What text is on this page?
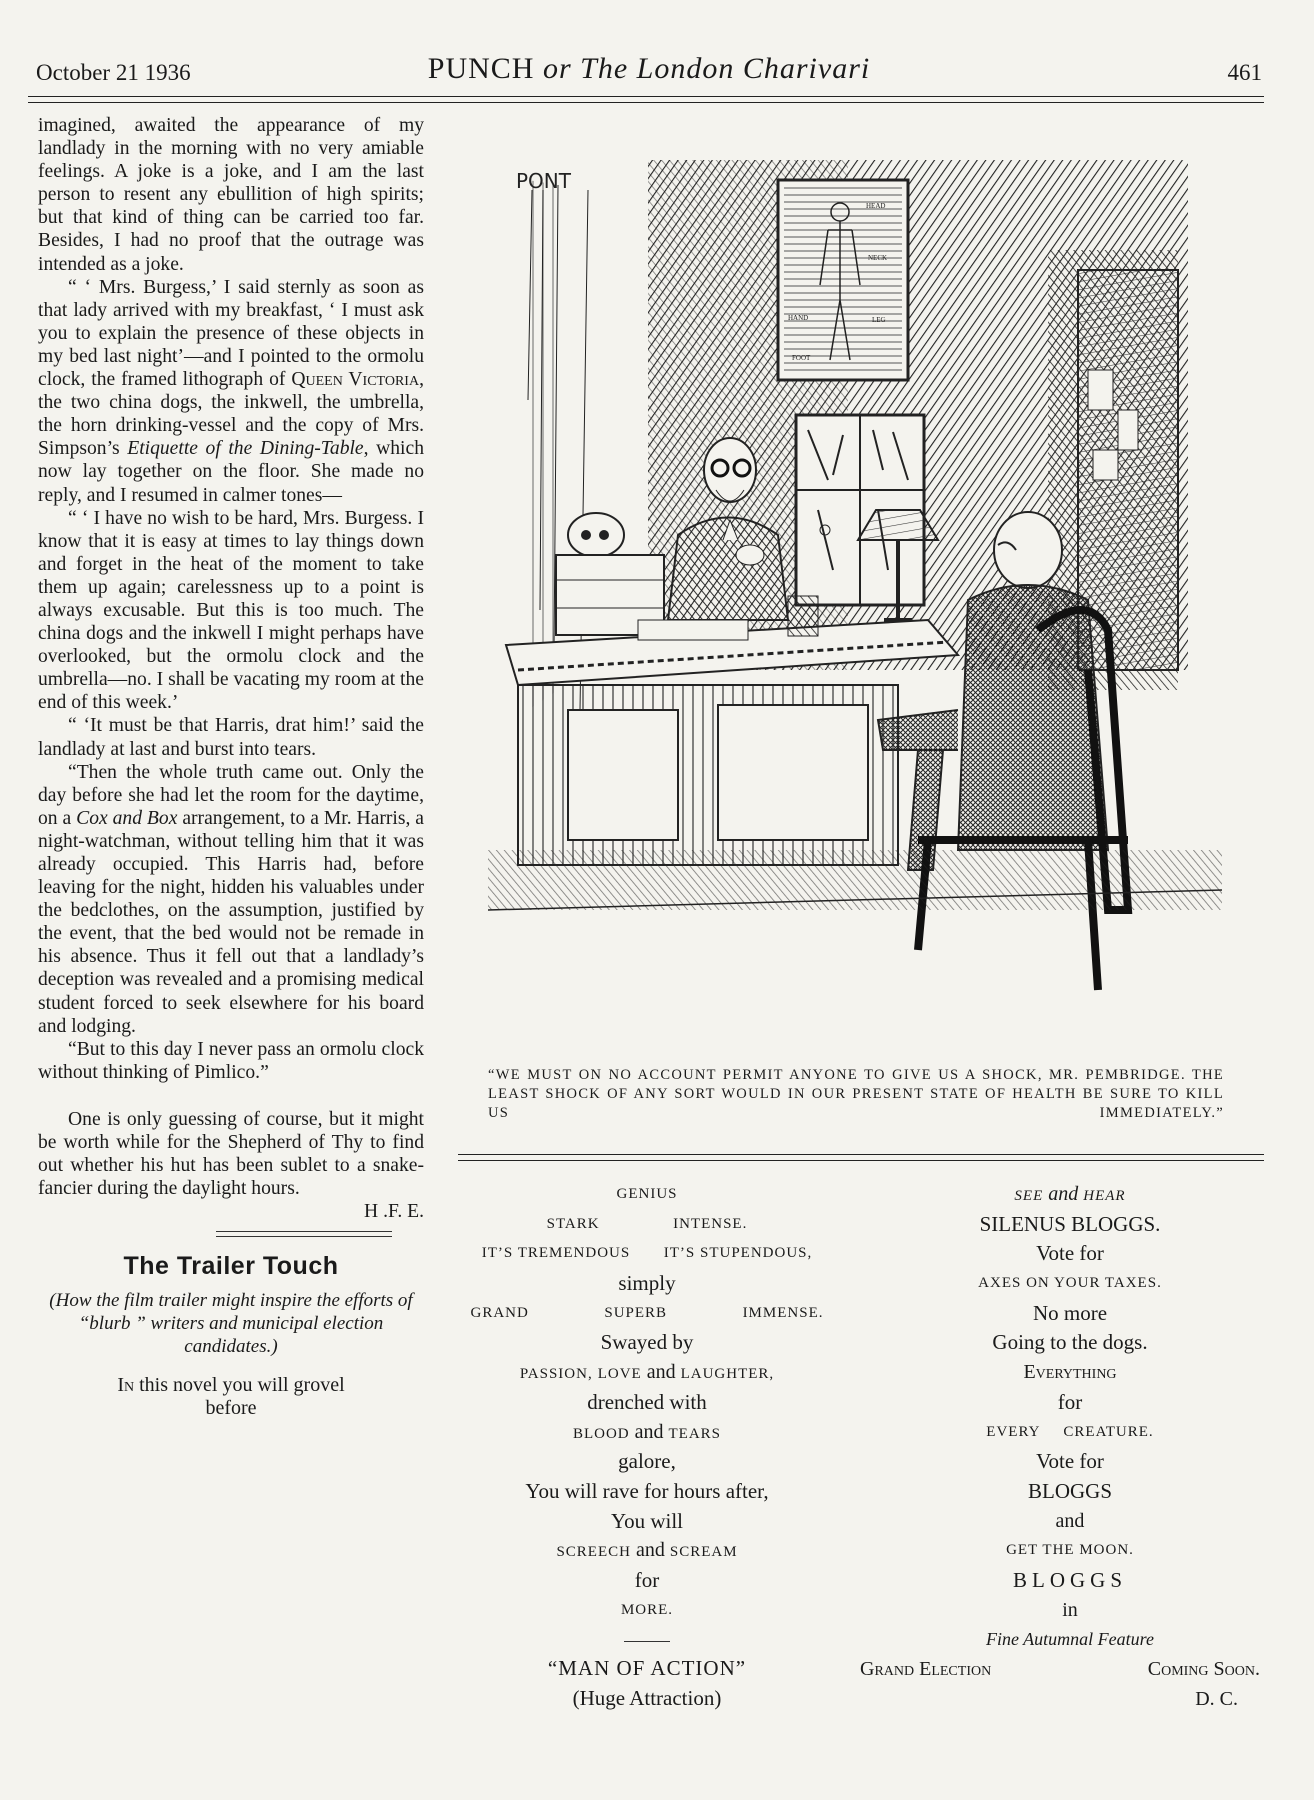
October 21 1936	PUNCH or The London Charivari	461

imagined, awaited the appearance of my landlady in the morning with no very amiable feelings. A joke is a joke, and I am the last person to resent any ebullition of high spirits; but that kind of thing can be carried too far. Besides, I had no proof that the outrage was intended as a joke.

“ ‘ Mrs. Burgess,’ I said sternly as soon as that lady arrived with my breakfast, ‘ I must ask you to explain the presence of these objects in my bed last night’—and I pointed to the ormolu clock, the framed lithograph of Queen Victoria, the two china dogs, the inkwell, the umbrella, the horn drinking-vessel and the copy of Mrs. Simpson’s Etiquette of the Dining-Table, which now lay together on the floor. She made no reply, and I resumed in calmer tones—

“ ‘ I have no wish to be hard, Mrs. Burgess. I know that it is easy at times to lay things down and forget in the heat of the moment to take them up again; carelessness up to a point is always excusable. But this is too much. The china dogs and the inkwell I might perhaps have overlooked, but the ormolu clock and the umbrella—no. I shall be vacating my room at the end of this week.’

“ ‘It must be that Harris, drat him!’ said the landlady at last and burst into tears.

“Then the whole truth came out. Only the day before she had let the room for the daytime, on a Cox and Box arrangement, to a Mr. Harris, a night-watchman, without telling him that it was already occupied. This Harris had, before leaving for the night, hidden his valuables under the bedclothes, on the assumption, justified by the event, that the bed would not be remade in his absence. Thus it fell out that a landlady’s deception was revealed and a promising medical student forced to seek elsewhere for his board and lodging.

“But to this day I never pass an ormolu clock without thinking of Pimlico.”

One is only guessing of course, but it might be worth while for the Shepherd of Thy to find out whether his hut has been sublet to a snake-fancier during the daylight hours.

H .F. E.

The Trailer Touch
(How the film trailer might inspire the efforts of “blurb ” writers and municipal election candidates.)
In this novel you will grovel
before
HEAD
NECK
HAND	LEG
FOOT
PONT
“WE MUST ON NO ACCOUNT PERMIT ANYONE TO GIVE US A SHOCK, MR. PEMBRIDGE. THE LEAST SHOCK OF ANY SORT WOULD IN OUR PRESENT STATE OF HEALTH BE SURE TO KILL US IMMEDIATELY.”
GENIUS
STARK	INTENSE.
IT’S TREMENDOUS IT’S STUPENDOUS,
simply
GRAND	SUPERB	IMMENSE.
Swayed by
PASSION, LOVE and LAUGHTER,
drenched with
BLOOD and TEARS
galore,
You will rave for hours after,
You will
SCREECH and SCREAM
for
MORE.
“MAN OF ACTION”
(Huge Attraction)
SEE and HEAR
SILENUS BLOGGS.
Vote for
AXES ON YOUR TAXES.
No more
Going to the dogs.
Everything
for
EVERY CREATURE.
Vote for
BLOGGS
and
GET THE MOON.
BLOGGS
in
Fine Autumnal Feature
Grand Election	Coming Soon.
D. C.
